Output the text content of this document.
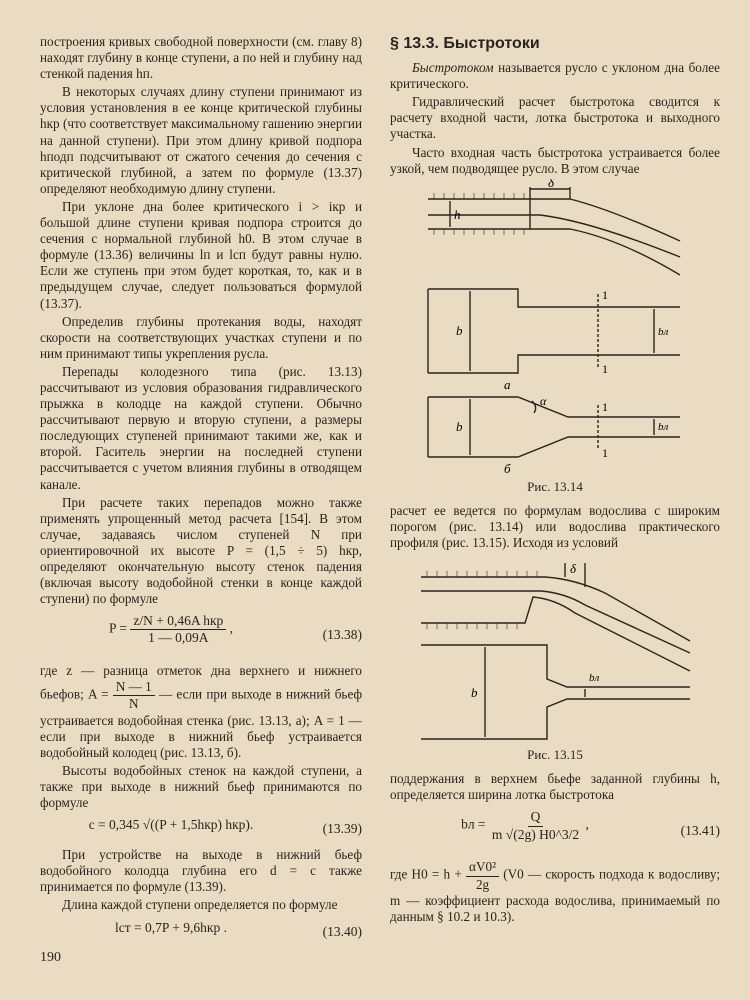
построения кривых свободной поверхности (см. главу 8) находят глубину в конце ступени, а по ней и глубину над стенкой падения hп.

В некоторых случаях длину ступени принимают из условия установления в ее конце критической глубины hкр (что соответствует максимальному гашению энергии на данной ступени). При этом длину кривой подпора hподп подсчитывают от сжатого сечения до сечения с критической глубиной, а затем по формуле (13.37) определяют необходимую длину ступени.

При уклоне дна более критического i > iкр и большой длине ступени кривая подпора строится до сечения с нормальной глубиной h0. В этом случае в формуле (13.36) величины lп и lсп будут равны нулю. Если же ступень при этом будет короткая, то, как и в предыдущем случае, следует пользоваться формулой (13.37).

Определив глубины протекания воды, находят скорости на соответствующих участках ступени и по ним принимают типы укрепления русла.

Перепады колодезного типа (рис. 13.13) рассчитывают из условия образования гидравлического прыжка в колодце на каждой ступени. Обычно рассчитывают первую и вторую ступени, а размеры последующих ступеней принимают такими же, как и второй. Гаситель энергии на последней ступени рассчитывается с учетом влияния глубины в отводящем канале.

При расчете таких перепадов можно также применять упрощенный метод расчета [154]. В этом случае, задаваясь числом ступеней N при ориентировочной их высоте P = (1,5 ÷ 5) hкр, определяют окончательную высоту стенок падения (включая высоту водобойной стенки в конце каждой ступени) по формуле

$P = \frac{\text{z/N + 0,46A hкр}}{1 — 0,09A}$ ,	(13.38)

где z — разница отметок дна верхнего и нижнего бьефов; $A = \frac{N — 1}{N}$ — если при выходе в нижний бьеф устраивается водобойная стенка (рис. 13.13, а); A = 1 — если при выходе в нижний бьеф устраивается водобойный колодец (рис. 13.13, б).

Высоты водобойных стенок на каждой ступени, а также при выходе в нижний бьеф принимаются по формуле

c = 0,345 √((P + 1,5hкр) hкр).	(13.39)

При устройстве на выходе в нижний бьеф водобойного колодца глубина его d = c также принимается по формуле (13.39).

Длина каждой ступени определяется по формуле

lст = 0,7P + 9,6hкр .	(13.40)
§ 13.3. Быстротоки

Быстротоком называется русло с уклоном дна более критического.

Гидравлический расчет быстротока сводится к расчету входной части, лотка быстротока и выходного участка.

Часто входная часть быстротока устраивается более узкой, чем подводящее русло. В этом случае

δ
h
b	bл
1
1
а
b	bл
α	1
1
б
Рис. 13.14

расчет ее ведется по формулам водослива с широким порогом (рис. 13.14) или водослива практического профиля (рис. 13.15). Исходя из условий

δ
b
bл
Рис. 13.15

поддержания в верхнем бьефе заданной глубины h, определяется ширина лотка быстротока

bл = $\frac{Q}{m √(2g) H0\^{}3/2}$ ,	(13.41)

где $H0 = h + \frac{\text{αV0²}}{2g} (V0$ — скорость подхода к водосливу; m — коэффициент расхода водослива, принимаемый по данным § 10.2 и 10.3).

190
